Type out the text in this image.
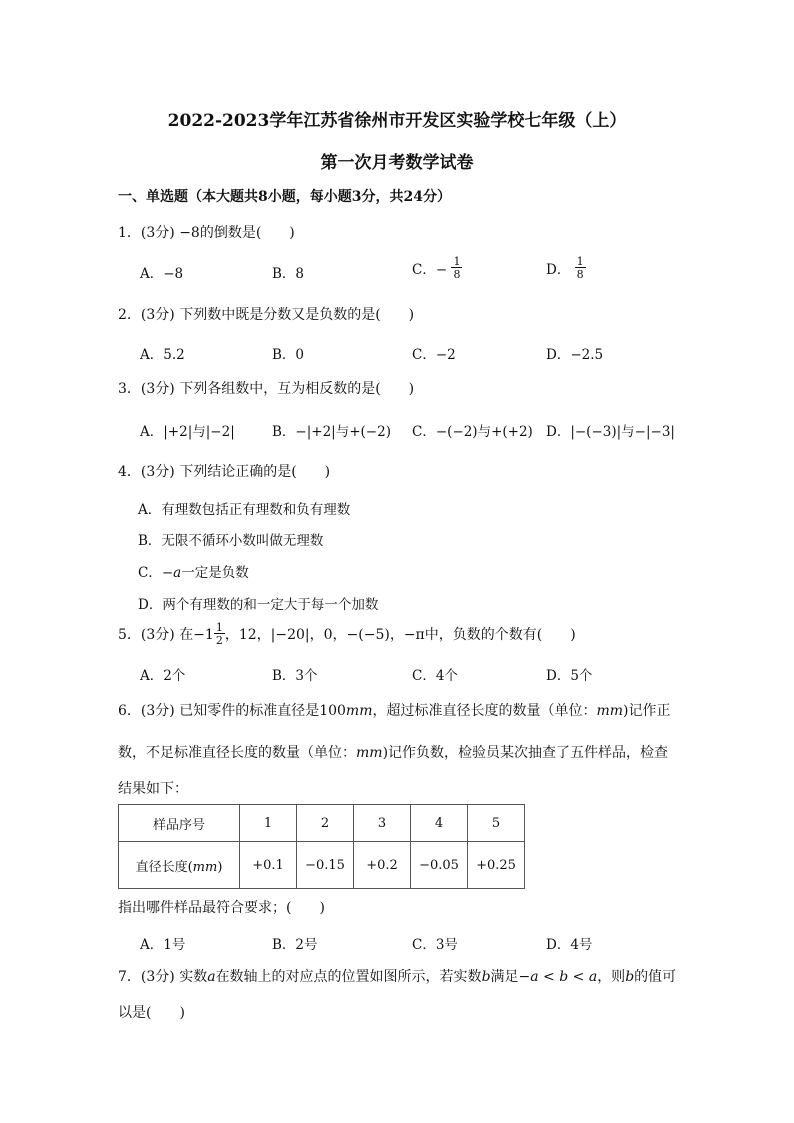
2022-2023学年江苏省徐州市开发区实验学校七年级（上）
第一次月考数学试卷
一、单选题（本大题共8小题，每小题3分，共24分）
1．(3分) −8的倒数是(　　)
A．−8	B．8	C．− $\frac{1}{8}$	D． $\frac{1}{8}$
2．(3分) 下列数中既是分数又是负数的是(　　)
A．5.2	B．0	C．−2	D．−2.5
3．(3分) 下列各组数中，互为相反数的是(　　)
A．|+2|与|−2|	B．−|+2|与+(−2) C．−(−2)与+(+2) D．|−(−3)|与−|−3|
4．(3分) 下列结论正确的是(　　)
A．有理数包括正有理数和负有理数
B．无限不循环小数叫做无理数
C．−a一定是负数
D．两个有理数的和一定大于每一个加数
5．(3分) 在$-1 \frac{1}{2}$ ，12，|−20|，0，−(−5)，−π中，负数的个数有(　　)
A．2个	B．3个	C．4个	D．5个
6．(3分) 已知零件的标准直径是100mm，超过标准直径长度的数量（单位：mm)记作正
数，不足标准直径长度的数量（单位：mm)记作负数，检验员某次抽查了五件样品，检查
结果如下：
样品序号	1	2	3	4	5
直径长度(mm)	+0.1	−0.15	+0.2	−0.05	+0.25
指出哪件样品最符合要求；(　　)
A．1号	B．2号	C．3号	D．4号
7．(3分) 实数a在数轴上的对应点的位置如图所示，若实数b满足−a < b < a，则b的值可
以是(　　)
